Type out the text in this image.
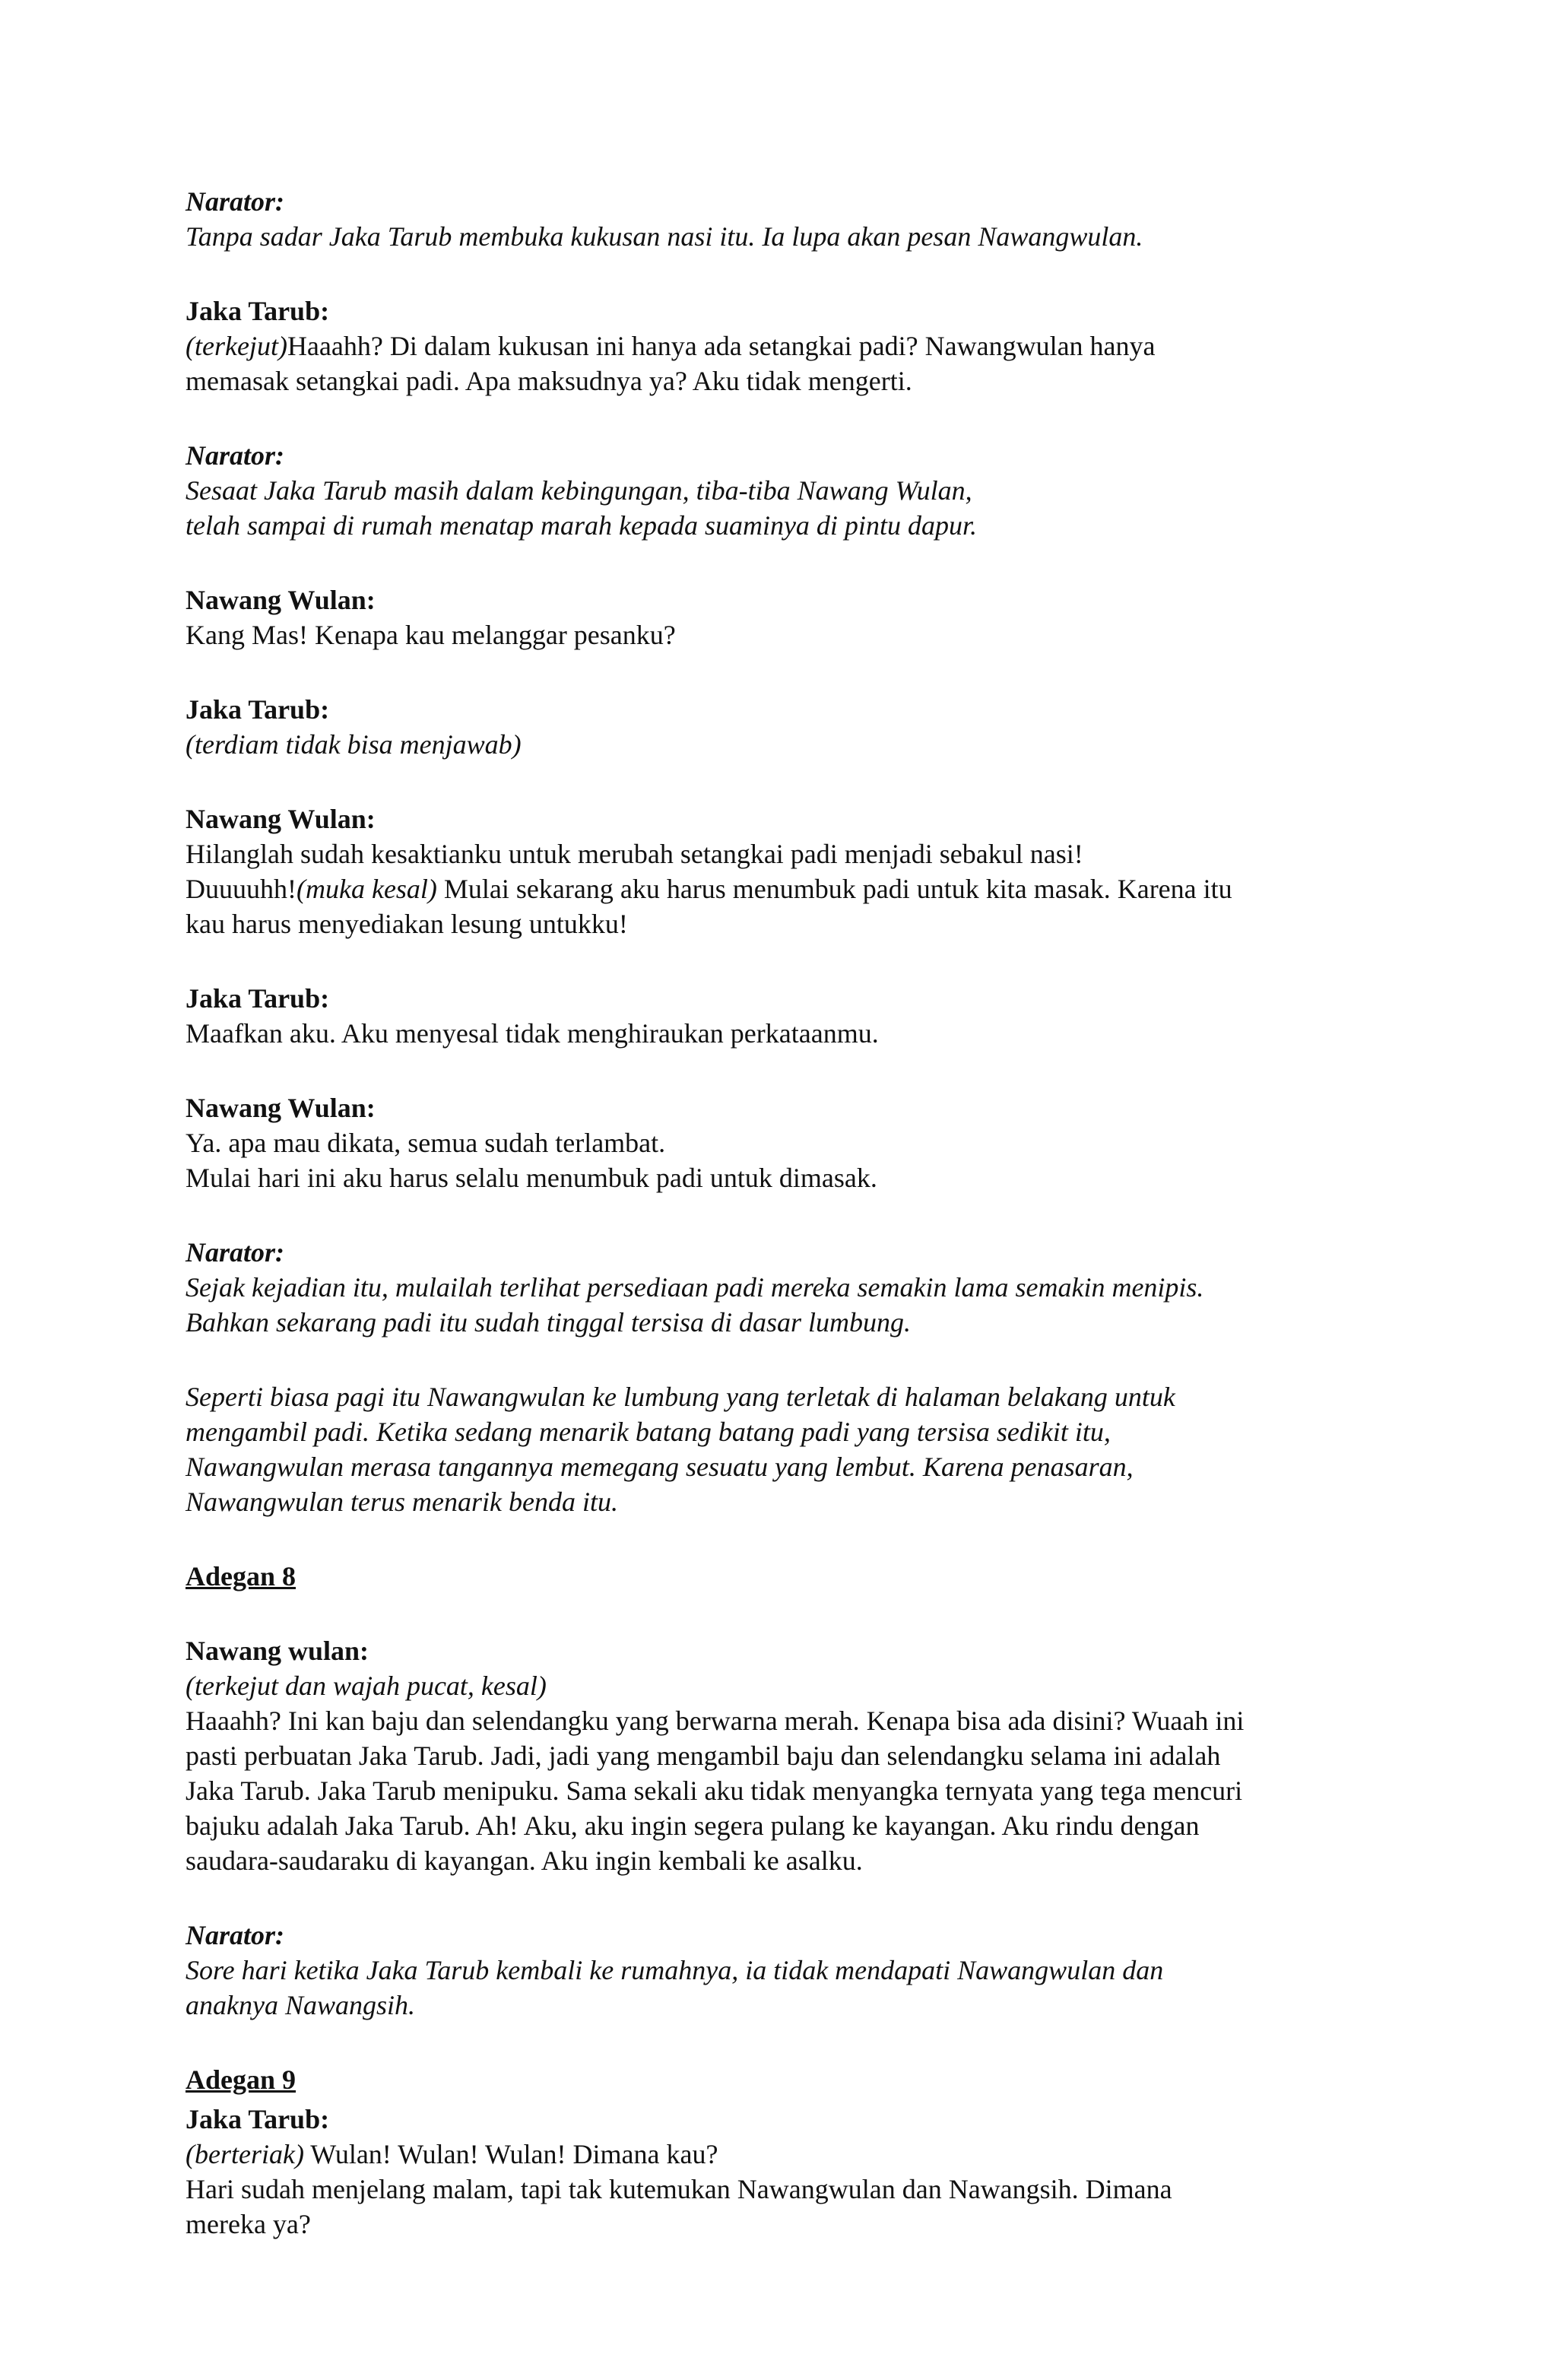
Narator:
Tanpa sadar Jaka Tarub membuka kukusan nasi itu. Ia lupa akan pesan Nawangwulan.
Jaka Tarub:
(terkejut)Haaahh? Di dalam kukusan ini hanya ada setangkai padi? Nawangwulan hanya
memasak setangkai padi. Apa maksudnya ya? Aku tidak mengerti.
Narator:
Sesaat Jaka Tarub masih dalam kebingungan, tiba-tiba Nawang Wulan,
telah sampai di rumah menatap marah kepada suaminya di pintu dapur.
Nawang Wulan:
Kang Mas! Kenapa kau melanggar pesanku?
Jaka Tarub:
(terdiam tidak bisa menjawab)
Nawang Wulan:
Hilanglah sudah kesaktianku untuk merubah setangkai padi menjadi sebakul nasi!
Duuuuhh!(muka kesal) Mulai sekarang aku harus menumbuk padi untuk kita masak. Karena itu
kau harus menyediakan lesung untukku!
Jaka Tarub:
Maafkan aku. Aku menyesal tidak menghiraukan perkataanmu.
Nawang Wulan:
Ya. apa mau dikata, semua sudah terlambat.
Mulai hari ini aku harus selalu menumbuk padi untuk dimasak.
Narator:
Sejak kejadian itu, mulailah terlihat persediaan padi mereka semakin lama semakin menipis.
Bahkan sekarang padi itu sudah tinggal tersisa di dasar lumbung.
Seperti biasa pagi itu Nawangwulan ke lumbung yang terletak di halaman belakang untuk
mengambil padi. Ketika sedang menarik batang batang padi yang tersisa sedikit itu,
Nawangwulan merasa tangannya memegang sesuatu yang lembut. Karena penasaran,
Nawangwulan terus menarik benda itu.
Adegan 8
Nawang wulan:
(terkejut dan wajah pucat, kesal)
Haaahh? Ini kan baju dan selendangku yang berwarna merah. Kenapa bisa ada disini? Wuaah ini
pasti perbuatan Jaka Tarub. Jadi, jadi yang mengambil baju dan selendangku selama ini adalah
Jaka Tarub. Jaka Tarub menipuku. Sama sekali aku tidak menyangka ternyata yang tega mencuri
bajuku adalah Jaka Tarub. Ah! Aku, aku ingin segera pulang ke kayangan. Aku rindu dengan
saudara-saudaraku di kayangan. Aku ingin kembali ke asalku.
Narator:
Sore hari ketika Jaka Tarub kembali ke rumahnya, ia tidak mendapati Nawangwulan dan
anaknya Nawangsih.
Adegan 9
Jaka Tarub:
(berteriak) Wulan! Wulan! Wulan! Dimana kau?
Hari sudah menjelang malam, tapi tak kutemukan Nawangwulan dan Nawangsih. Dimana
mereka ya?
